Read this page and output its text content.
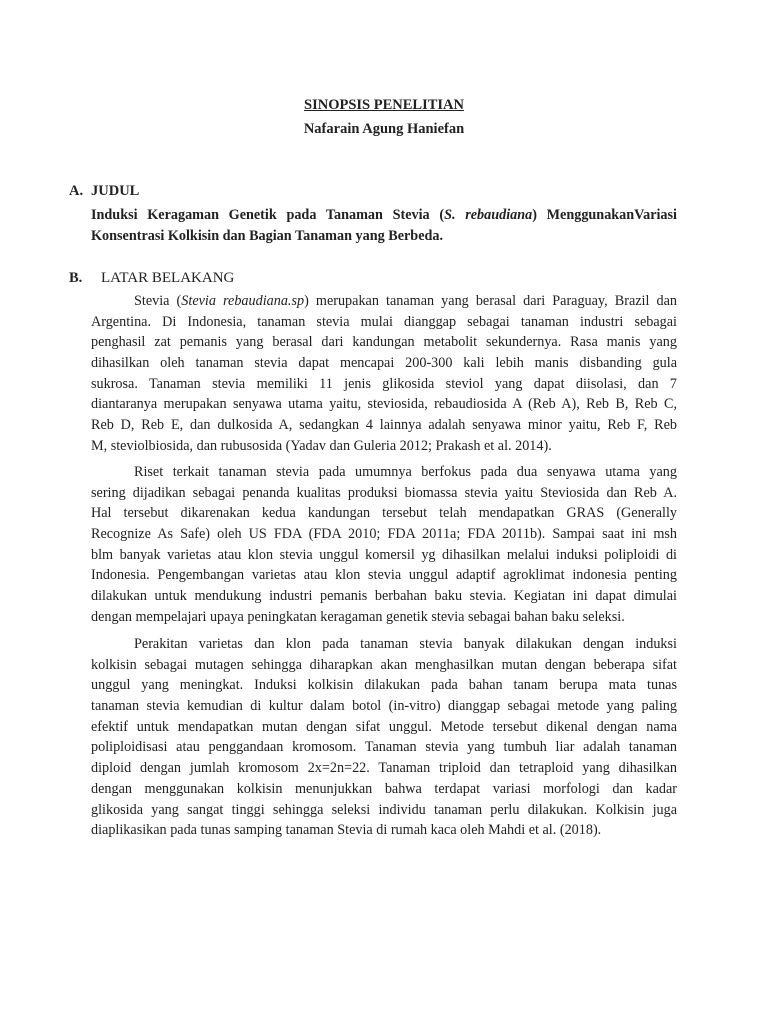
SINOPSIS PENELITIAN
Nafarain Agung Haniefan
A. JUDUL
Induksi Keragaman Genetik pada Tanaman Stevia (S. rebaudiana) MenggunakanVariasi
Konsentrasi Kolkisin dan Bagian Tanaman yang Berbeda.
B. LATAR BELAKANG
Stevia (Stevia rebaudiana.sp) merupakan tanaman yang berasal dari Paraguay, Brazil dan
Argentina. Di Indonesia, tanaman stevia mulai dianggap sebagai tanaman industri sebagai
penghasil zat pemanis yang berasal dari kandungan metabolit sekundernya. Rasa manis yang
dihasilkan oleh tanaman stevia dapat mencapai 200-300 kali lebih manis disbanding gula
sukrosa. Tanaman stevia memiliki 11 jenis glikosida steviol yang dapat diisolasi, dan 7
diantaranya merupakan senyawa utama yaitu, steviosida, rebaudiosida A (Reb A), Reb B, Reb C,
Reb D, Reb E, dan dulkosida A, sedangkan 4 lainnya adalah senyawa minor yaitu, Reb F, Reb
M, steviolbiosida, dan rubusosida (Yadav dan Guleria 2012; Prakash et al. 2014).
Riset terkait tanaman stevia pada umumnya berfokus pada dua senyawa utama yang
sering dijadikan sebagai penanda kualitas produksi biomassa stevia yaitu Steviosida dan Reb A.
Hal tersebut dikarenakan kedua kandungan tersebut telah mendapatkan GRAS (Generally
Recognize As Safe) oleh US FDA (FDA 2010; FDA 2011a; FDA 2011b). Sampai saat ini msh
blm banyak varietas atau klon stevia unggul komersil yg dihasilkan melalui induksi poliploidi di
Indonesia. Pengembangan varietas atau klon stevia unggul adaptif agroklimat indonesia penting
dilakukan untuk mendukung industri pemanis berbahan baku stevia. Kegiatan ini dapat dimulai
dengan mempelajari upaya peningkatan keragaman genetik stevia sebagai bahan baku seleksi.
Perakitan varietas dan klon pada tanaman stevia banyak dilakukan dengan induksi
kolkisin sebagai mutagen sehingga diharapkan akan menghasilkan mutan dengan beberapa sifat
unggul yang meningkat. Induksi kolkisin dilakukan pada bahan tanam berupa mata tunas
tanaman stevia kemudian di kultur dalam botol (in-vitro) dianggap sebagai metode yang paling
efektif untuk mendapatkan mutan dengan sifat unggul. Metode tersebut dikenal dengan nama
poliploidisasi atau penggandaan kromosom. Tanaman stevia yang tumbuh liar adalah tanaman
diploid dengan jumlah kromosom 2x=2n=22. Tanaman triploid dan tetraploid yang dihasilkan
dengan menggunakan kolkisin menunjukkan bahwa terdapat variasi morfologi dan kadar
glikosida yang sangat tinggi sehingga seleksi individu tanaman perlu dilakukan. Kolkisin juga
diaplikasikan pada tunas samping tanaman Stevia di rumah kaca oleh Mahdi et al. (2018).
